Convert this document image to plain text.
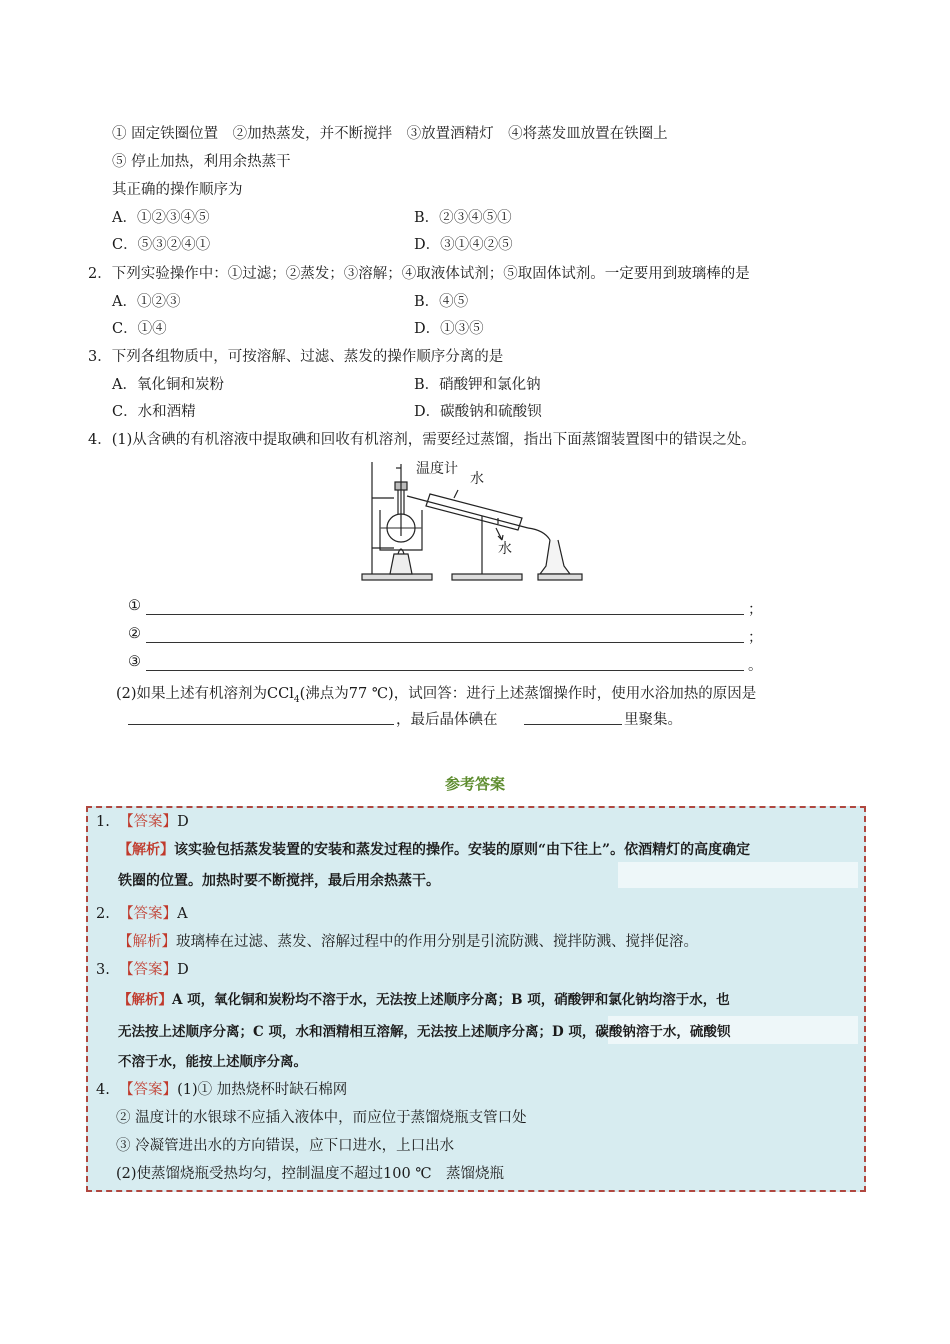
① 固定铁圈位置　②加热蒸发，并不断搅拌　③放置酒精灯　④将蒸发皿放置在铁圈上
⑤ 停止加热，利用余热蒸干
其正确的操作顺序为
A．①②③④⑤	B．②③④⑤①
C．⑤③②④①	D．③①④②⑤
2．下列实验操作中：①过滤；②蒸发；③溶解；④取液体试剂；⑤取固体试剂。一定要用到玻璃棒的是
A．①②③	B．④⑤
C．①④	D．①③⑤
3．下列各组物质中，可按溶解、过滤、蒸发的操作顺序分离的是
A．氧化铜和炭粉	B．硝酸钾和氯化钠
C．水和酒精	D．碳酸钠和硫酸钡
4．(1)从含碘的有机溶液中提取碘和回收有机溶剂，需要经过蒸馏，指出下面蒸馏装置图中的错误之处。
温度计
水
水
①	；
②	；
③	。
(2)如果上述有机溶剂为CCl$_4$(沸点为77 ℃)，试回答：进行上述蒸馏操作时，使用水浴加热的原因是
，最后晶体碘在	里聚集。
参考答案
1. 【答案】D
【解析】该实验包括蒸发装置的安装和蒸发过程的操作。安装的原则“由下往上”。依酒精灯的高度确定
铁圈的位置。加热时要不断搅拌，最后用余热蒸干。
2. 【答案】A
【解析】玻璃棒在过滤、蒸发、溶解过程中的作用分别是引流防溅、搅拌防溅、搅拌促溶。
3. 【答案】D
【解析】A 项，氧化铜和炭粉均不溶于水，无法按上述顺序分离；B 项，硝酸钾和氯化钠均溶于水，也
无法按上述顺序分离；C 项，水和酒精相互溶解，无法按上述顺序分离；D 项，碳酸钠溶于水，硫酸钡
不溶于水，能按上述顺序分离。
4. 【答案】(1)① 加热烧杯时缺石棉网
② 温度计的水银球不应插入液体中，而应位于蒸馏烧瓶支管口处
③ 冷凝管进出水的方向错误，应下口进水，上口出水
(2)使蒸馏烧瓶受热均匀，控制温度不超过100 ℃　蒸馏烧瓶
